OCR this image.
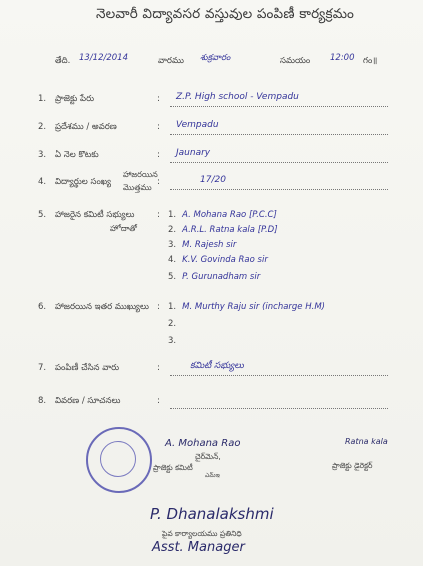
నెలవారీ విద్యావసర వస్తువుల పంపిణీ కార్యక్రమం
తేది. 13/12/2014	వారము శుక్రవారం	సమయం 12:00 గం॥
1. ప్రాజెక్టు పేరు	: Z.P. High school - Vempadu
2. ప్రదేశము / అవరణ	: Vempadu
3. ఏ నెల కొటకు	: Jaunary
4. విద్యార్థుల సంఖ్య
హాజరయిన
మొత్తము
:	17/20
5. హాజరైన కమిటీ సభ్యులు
హోదాతో
: 1. A. Mohana Rao [P.C.C]
2. A.R.L. Ratna kala [P.D]
3. M. Rajesh sir
4. K.V. Govinda Rao sir
5. P. Gurunadham sir
6. హాజరయిన ఇతర ముఖ్యులు : 1. M. Murthy Raju sir (incharge H.M)
2.
3.
7. పంపిణీ చేసిన వారు	:	కమిటీ సభ్యులు
8. వివరణ / సూచనలు	:
A. Mohana Rao
చైర్‌మెన్,
ప్రాజెక్టు కమిటీ
ఎమ్‌ఇ
Ratna kala
ప్రాజెక్టు డైరెక్టర్
P. Dhanalakshmi
పైవ కార్యాలయము ప్రతినిధి
Asst. Manager
